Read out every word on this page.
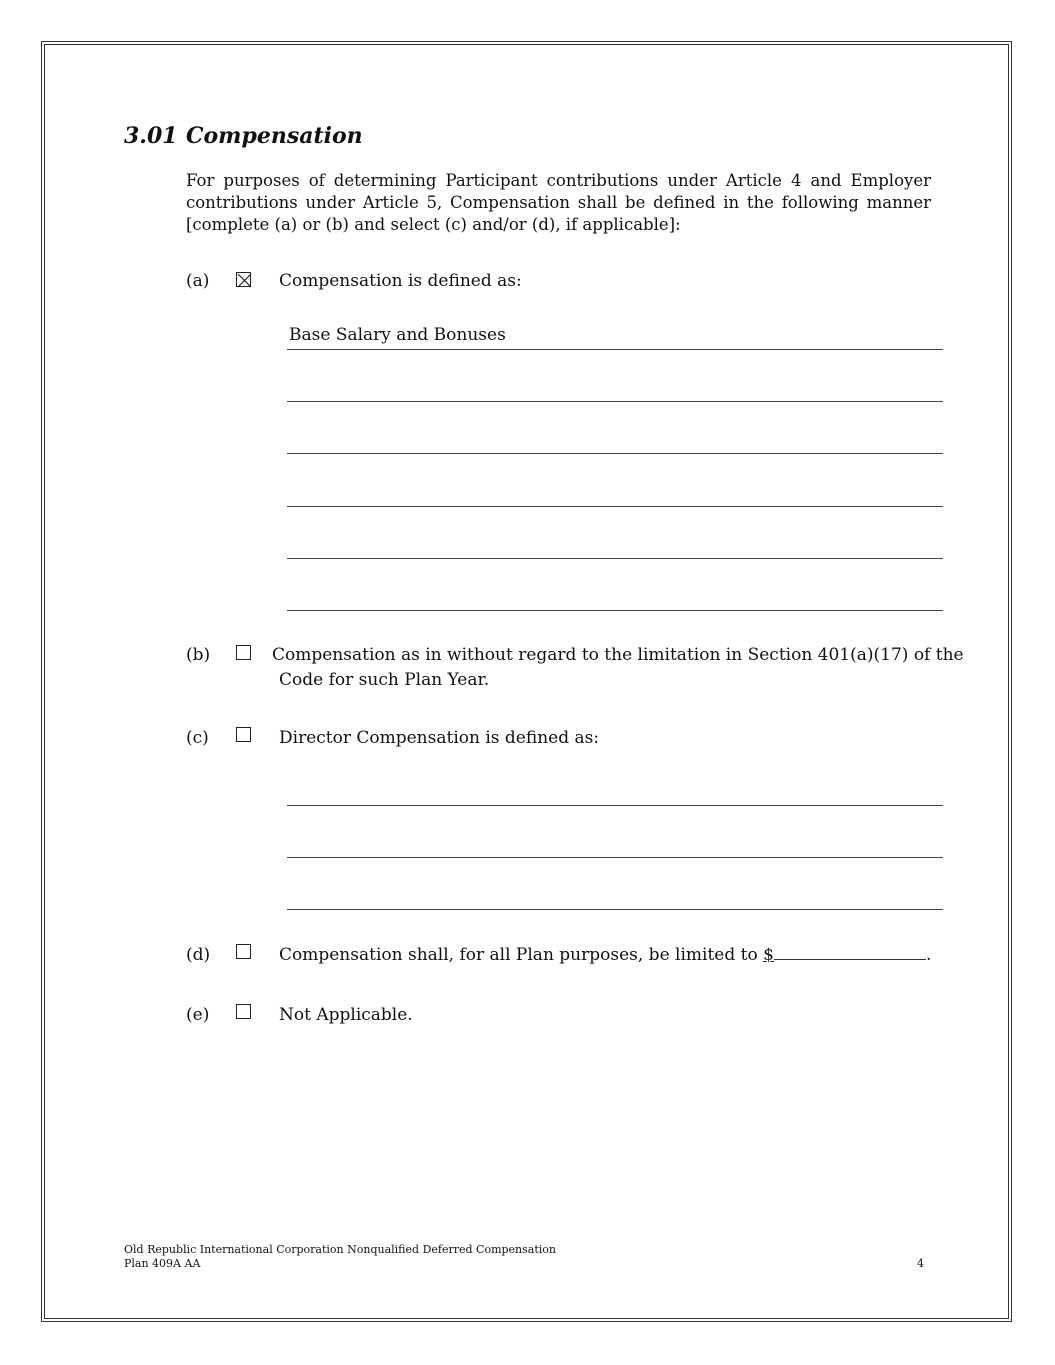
3.01 Compensation
For purposes of determining Participant contributions under Article 4 and Employer
contributions under Article 5, Compensation shall be defined in the following manner
[complete (a) or (b) and select (c) and/or (d), if applicable]:
(a)	Compensation is defined as:
Base Salary and Bonuses
(b)	Compensation as in without regard to the limitation in Section 401(a)(17) of the
Code for such Plan Year.
(c)	Director Compensation is defined as:
(d)	Compensation shall, for all Plan purposes, be limited to $	.
(e)	Not Applicable.
Old Republic International Corporation Nonqualified Deferred Compensation
Plan 409A AA	4
